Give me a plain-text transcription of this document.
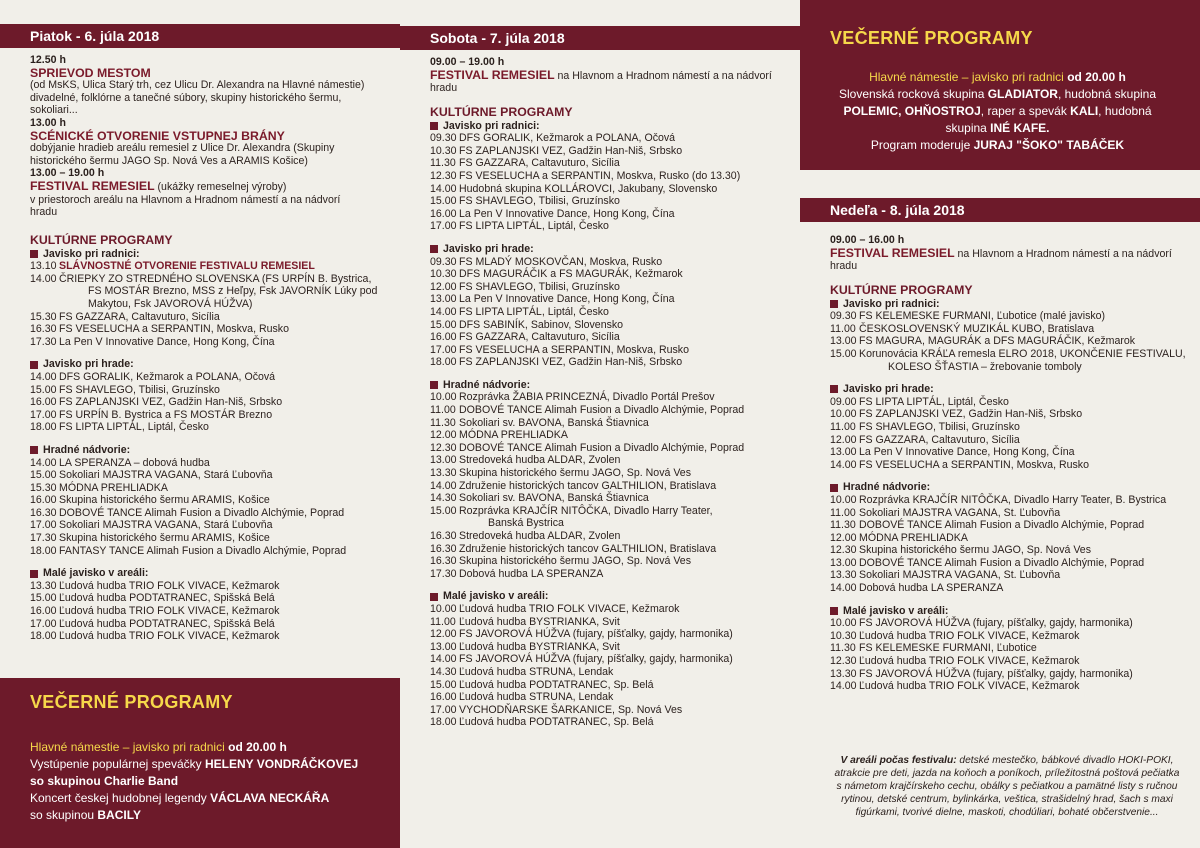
Piatok - 6. júla 2018
12.50 h
SPRIEVOD MESTOM
(od MsKS, Ulica Starý trh, cez Ulicu Dr. Alexandra na Hlavné námestie)
divadelné, folklórne a tanečné súbory, skupiny historického šermu, sokoliari...
13.00 h
SCÉNICKÉ OTVORENIE VSTUPNEJ BRÁNY
dobýjanie hradieb areálu remesiel z Ulice Dr. Alexandra (Skupiny
historického šermu JAGO Sp. Nová Ves a ARAMIS Košice)
13.00 – 19.00 h
FESTIVAL REMESIEL (ukážky remeselnej výroby)
v priestoroch areálu na Hlavnom a Hradnom námestí a na nádvorí
hradu
KULTÚRNE PROGRAMY
Javisko pri radnici:
13.10 SLÁVNOSTNÉ OTVORENIE FESTIVALU REMESIEL
14.00 ČRIEPKY ZO STREDNÉHO SLOVENSKA (FS URPÍN B. Bystrica,
FS MOSTÁR Brezno, MSS z Heľpy, Fsk JAVORNÍK Lúky pod
Makytou, Fsk JAVOROVÁ HÚŽVA)
15.30 FS GAZZARA, Caltavuturo, Sicília
16.30 FS VESELUCHA a SERPANTIN, Moskva, Rusko
17.30 La Pen V Innovative Dance, Hong Kong, Čína
Javisko pri hrade:
14.00 DFS GORALIK, Kežmarok a POLANA, Očová
15.00 FS SHAVLEGO, Tbilisi, Gruzínsko
16.00 FS ZAPLANJSKI VEZ, Gadžin Han-Niš, Srbsko
17.00 FS URPÍN B. Bystrica a FS MOSTÁR Brezno
18.00 FS LIPTA LIPTÁL, Liptál, Česko
Hradné nádvorie:
14.00 LA SPERANZA – dobová hudba
15.00 Sokoliari MAJSTRA VAGANA, Stará Ľubovňa
15.30 MÓDNA PREHLIADKA
16.00 Skupina historického šermu ARAMIS, Košice
16.30 DOBOVÉ TANCE Alimah Fusion a Divadlo Alchýmie, Poprad
17.00 Sokoliari MAJSTRA VAGANA, Stará Ľubovňa
17.30 Skupina historického šermu ARAMIS, Košice
18.00 FANTASY TANCE Alimah Fusion a Divadlo Alchýmie, Poprad
Malé javisko v areáli:
13.30 Ľudová hudba TRIO FOLK VIVACE, Kežmarok
15.00 Ľudová hudba PODTATRANEC, Spišská Belá
16.00 Ľudová hudba TRIO FOLK VIVACE, Kežmarok
17.00 Ľudová hudba PODTATRANEC, Spišská Belá
18.00 Ľudová hudba TRIO FOLK VIVACE, Kežmarok
VEČERNÉ PROGRAMY
Hlavné námestie – javisko pri radnici od 20.00 h
Vystúpenie populárnej speváčky HELENY VONDRÁČKOVEJ
so skupinou Charlie Band
Koncert českej hudobnej legendy VÁCLAVA NECKÁŘA
so skupinou BACILY
Sobota - 7. júla 2018
09.00 – 19.00 h
FESTIVAL REMESIEL na Hlavnom a Hradnom námestí a na nádvorí
hradu
KULTÚRNE PROGRAMY
Javisko pri radnici:
09.30 DFS GORALIK, Kežmarok a POLANA, Očová
10.30 FS ZAPLANJSKI VEZ, Gadžin Han-Niš, Srbsko
11.30 FS GAZZARA, Caltavuturo, Sicília
12.30 FS VESELUCHA a SERPANTIN, Moskva, Rusko (do 13.30)
14.00 Hudobná skupina KOLLÁROVCI, Jakubany, Slovensko
15.00 FS SHAVLEGO, Tbilisi, Gruzínsko
16.00 La Pen V Innovative Dance, Hong Kong, Čína
17.00 FS LIPTA LIPTÁL, Liptál, Česko
Javisko pri hrade:
09.30 FS MLADÝ MOSKOVČAN, Moskva, Rusko
10.30 DFS MAGURÁČIK a FS MAGURÁK, Kežmarok
12.00 FS SHAVLEGO, Tbilisi, Gruzínsko
13.00 La Pen V Innovative Dance, Hong Kong, Čína
14.00 FS LIPTA LIPTÁL, Liptál, Česko
15.00 DFS SABINÍK, Sabinov, Slovensko
16.00 FS GAZZARA, Caltavuturo, Sicília
17.00 FS VESELUCHA a SERPANTIN, Moskva, Rusko
18.00 FS ZAPLANJSKI VEZ, Gadžin Han-Niš, Srbsko
Hradné nádvorie:
10.00 Rozprávka ŽABIA PRINCEZNÁ, Divadlo Portál Prešov
11.00 DOBOVÉ TANCE Alimah Fusion a Divadlo Alchýmie, Poprad
11.30 Sokoliari sv. BAVONA, Banská Štiavnica
12.00 MÓDNA PREHLIADKA
12.30 DOBOVÉ TANCE Alimah Fusion a Divadlo Alchýmie, Poprad
13.00 Stredoveká hudba ALDAR, Zvolen
13.30 Skupina historického šermu JAGO, Sp. Nová Ves
14.00 Združenie historických tancov GALTHILION, Bratislava
14.30 Sokoliari sv. BAVONA, Banská Štiavnica
15.00 Rozprávka KRAJČÍR NITÔČKA, Divadlo Harry Teater,
Banská Bystrica
16.30 Stredoveká hudba ALDAR, Zvolen
16.30 Združenie historických tancov GALTHILION, Bratislava
16.30 Skupina historického šermu JAGO, Sp. Nová Ves
17.30 Dobová hudba LA SPERANZA
Malé javisko v areáli:
10.00 Ľudová hudba TRIO FOLK VIVACE, Kežmarok
11.00 Ľudová hudba BYSTRIANKA, Svit
12.00 FS JAVOROVÁ HÚŽVA (fujary, píšťalky, gajdy, harmonika)
13.00 Ľudová hudba BYSTRIANKA, Svit
14.00 FS JAVOROVÁ HÚŽVA (fujary, píšťalky, gajdy, harmonika)
14.30 Ľudová hudba STRUNA, Lendak
15.00 Ľudová hudba PODTATRANEC, Sp. Belá
16.00 Ľudová hudba STRUNA, Lendak
17.00 VYCHODŇARSKE ŠARKANICE, Sp. Nová Ves
18.00 Ľudová hudba PODTATRANEC, Sp. Belá
VEČERNÉ PROGRAMY
Hlavné námestie – javisko pri radnici od 20.00 h
Slovenská rocková skupina GLADIATOR, hudobná skupina
POLEMIC, OHŇOSTROJ, raper a spevák KALI, hudobná
skupina INÉ KAFE.
Program moderuje JURAJ "ŠOKO" TABÁČEK
Nedeľa - 8. júla 2018
09.00 – 16.00 h
FESTIVAL REMESIEL na Hlavnom a Hradnom námestí a na nádvorí
hradu
KULTÚRNE PROGRAMY
Javisko pri radnici:
09.30 FS KELEMESKE FURMANI, Ľubotice (malé javisko)
11.00 ČESKOSLOVENSKÝ MUZIKÁL KUBO, Bratislava
13.00 FS MAGURA, MAGURÁK a DFS MAGURÁČIK, Kežmarok
15.00 Korunovácia KRÁĽA remesla ELRO 2018, UKONČENIE FESTIVALU,
KOLESO ŠŤASTIA – žrebovanie tomboly
Javisko pri hrade:
09.00 FS LIPTA LIPTÁL, Liptál, Česko
10.00 FS ZAPLANJSKI VEZ, Gadžin Han-Niš, Srbsko
11.00 FS SHAVLEGO, Tbilisi, Gruzínsko
12.00 FS GAZZARA, Caltavuturo, Sicília
13.00 La Pen V Innovative Dance, Hong Kong, Čína
14.00 FS VESELUCHA a SERPANTIN, Moskva, Rusko
Hradné nádvorie:
10.00 Rozprávka KRAJČÍR NITÔČKA, Divadlo Harry Teater, B. Bystrica
11.00 Sokoliari MAJSTRA VAGANA, St. Ľubovňa
11.30 DOBOVÉ TANCE Alimah Fusion a Divadlo Alchýmie, Poprad
12.00 MÓDNA PREHLIADKA
12.30 Skupina historického šermu JAGO, Sp. Nová Ves
13.00 DOBOVÉ TANCE Alimah Fusion a Divadlo Alchýmie, Poprad
13.30 Sokoliari MAJSTRA VAGANA, St. Ľubovňa
14.00 Dobová hudba LA SPERANZA
Malé javisko v areáli:
10.00 FS JAVOROVÁ HÚŽVA (fujary, píšťalky, gajdy, harmonika)
10.30 Ľudová hudba TRIO FOLK VIVACE, Kežmarok
11.30 FS KELEMESKE FURMANI, Ľubotice
12.30 Ľudová hudba TRIO FOLK VIVACE, Kežmarok
13.30 FS JAVOROVÁ HÚŽVA (fujary, píšťalky, gajdy, harmonika)
14.00 Ľudová hudba TRIO FOLK VIVACE, Kežmarok
V areáli počas festivalu: detské mestečko, bábkové divadlo HOKI-POKI,
atrakcie pre deti, jazda na koňoch a poníkoch, príležitostná poštová pečiatka
s námetom krajčírskeho cechu, obálky s pečiatkou a pamätné listy s ručnou
rytinou, detské centrum, bylinkárka, veštica, strašidelný hrad, šach s maxi
figúrkami, tvorivé dielne, maskoti, chodúliari, bohaté občerstvenie...
